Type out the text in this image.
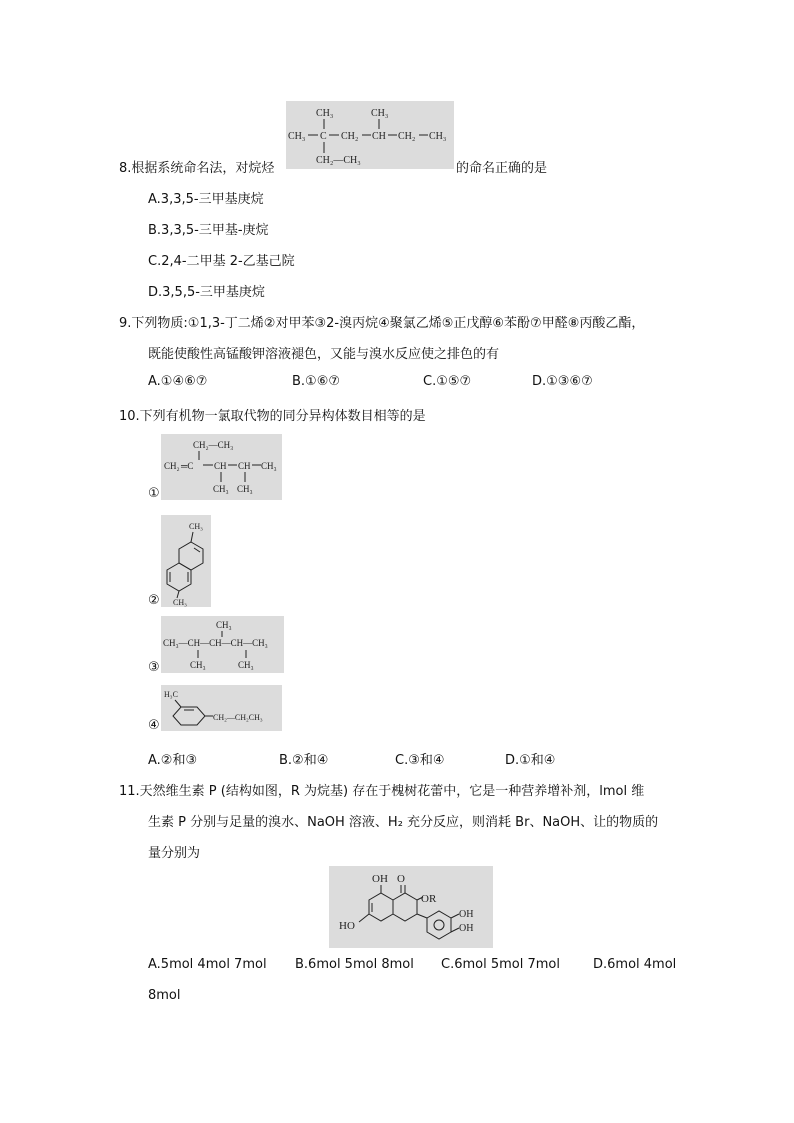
CH₃	CH₃
CH₃ C CH₂ CH CH₂ CH₃
CH₂—CH₃
8.根据系统命名法，对烷烃	的命名正确的是
A.3,3,5-三甲基庚烷
B.3,3,5-三甲基-庚烷
C.2,4-二甲基 2-乙基己院
D.3,5,5-三甲基庚烷
9.下列物质:①1,3-丁二烯②对甲苯③2-溴丙烷④聚氯乙烯⑤正戊醇⑥苯酚⑦甲醛⑧丙酸乙酯，
既能使酸性高锰酸钾溶液褪色，又能与溴水反应使之排色的有
A.①④⑥⑦	B.①⑥⑦	C.①⑤⑦	D.①③⑥⑦
10.下列有机物一氯取代物的同分异构体数目相等的是
CH₂—CH₃
CH₂ ═C CH CH CH₃
CH₃ CH₃
①
CH₃
CH₃
②
CH₃
CH₃—CH—CH—CH—CH₃
CH₃	CH₃
③
H₃C
CH₂—CH₂CH₃
④
A.②和③	B.②和④	C.③和④	D.①和④
11.天然维生素 P (结构如图，R 为烷基) 存在于槐树花蕾中，它是一种营养增补剂，lmol 维
生素 P 分别与足量的溴水、NaOH 溶液、H₂ 充分反应，则消耗 Br、NaOH、让的物质的
量分别为
OH O
OR
HO
OH
OH
A.5mol 4mol 7mol B.6mol 5mol 8mol C.6mol 5mol 7mol	D.6mol 4mol
8mol
